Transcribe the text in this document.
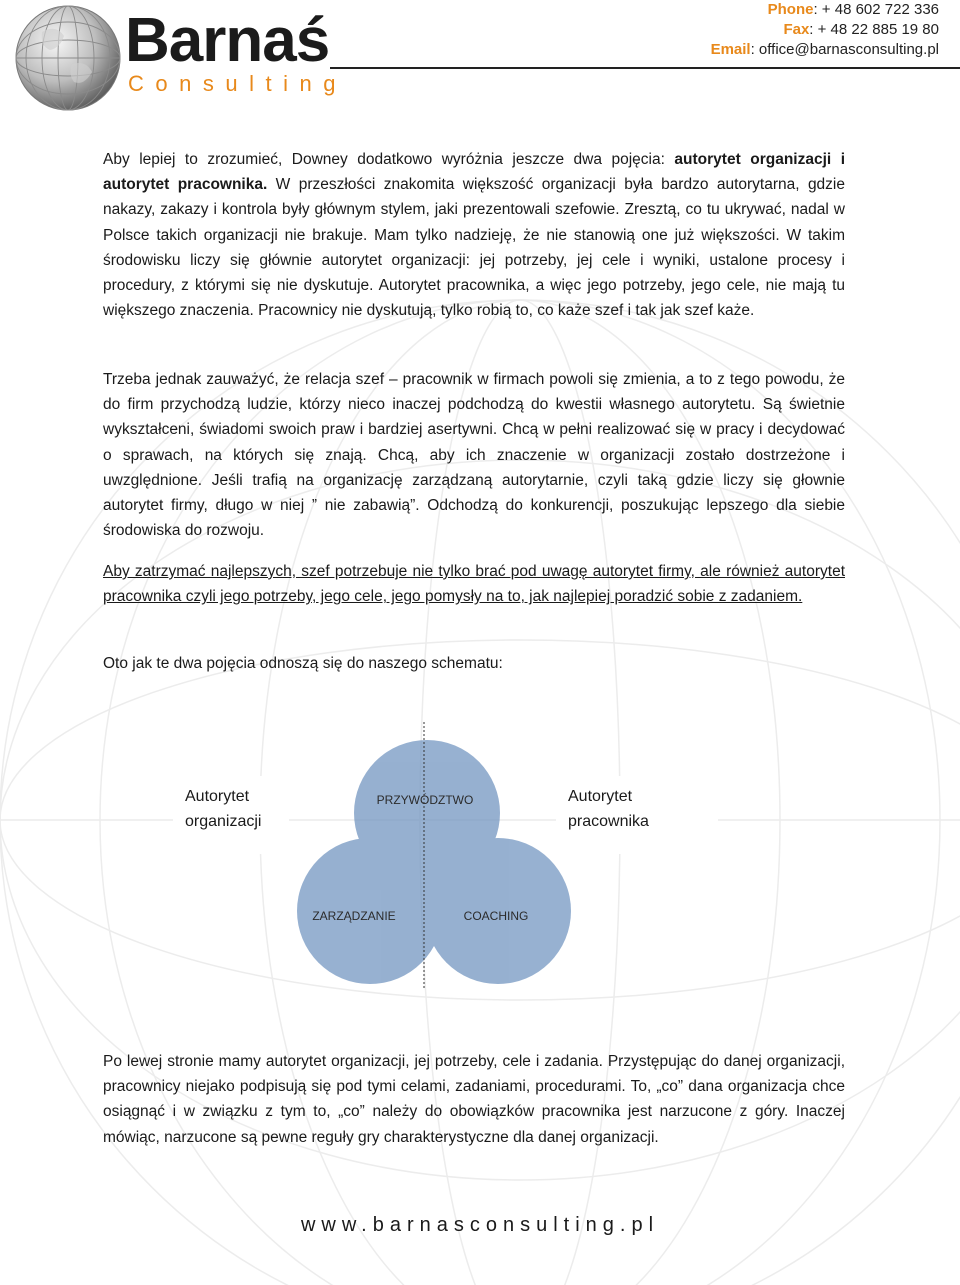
Barnaś
Consulting
Phone: + 48 602 722 336
Fax: + 48 22 885 19 80
Email: office@barnasconsulting.pl

Aby lepiej to zrozumieć, Downey dodatkowo wyróżnia jeszcze dwa pojęcia: autorytet organizacji i autorytet pracownika. W przeszłości znakomita większość organizacji była bardzo autorytarna, gdzie nakazy, zakazy i kontrola były głównym stylem, jaki prezentowali szefowie. Zresztą, co tu ukrywać, nadal w Polsce takich organizacji nie brakuje. Mam tylko nadzieję, że nie stanowią one już większości. W takim środowisku liczy się głównie autorytet organizacji: jej potrzeby, jej cele i wyniki, ustalone procesy i procedury, z którymi się nie dyskutuje. Autorytet pracownika, a więc jego potrzeby, jego cele, nie mają tu większego znaczenia. Pracownicy nie dyskutują, tylko robią to, co każe szef i tak jak szef każe.

Trzeba jednak zauważyć, że relacja szef – pracownik w firmach powoli się zmienia, a to z tego powodu, że do firm przychodzą ludzie, którzy nieco inaczej podchodzą do kwestii własnego autorytetu. Są świetnie wykształceni, świadomi swoich praw i bardziej asertywni. Chcą w pełni realizować się w pracy i decydować o sprawach, na których się znają. Chcą, aby ich znaczenie w organizacji zostało dostrzeżone i uwzględnione. Jeśli trafią na organizację zarządzaną autorytarnie, czyli taką gdzie liczy się głownie autorytet firmy, długo w niej ” nie zabawią”. Odchodzą do konkurencji, poszukując lepszego dla siebie środowiska do rozwoju.

Aby zatrzymać najlepszych, szef potrzebuje nie tylko brać pod uwagę autorytet firmy, ale również autorytet pracownika czyli jego potrzeby, jego cele, jego pomysły na to, jak najlepiej poradzić sobie z zadaniem.

Oto jak te dwa pojęcia odnoszą się do naszego schematu:

Po lewej stronie mamy autorytet organizacji, jej potrzeby, cele i zadania. Przystępując do danej organizacji, pracownicy niejako podpisują się pod tymi celami, zadaniami, procedurami. To, „co” dana organizacja chce osiągnąć i w związku z tym to, „co” należy do obowiązków pracownika jest narzucone z góry. Inaczej mówiąc, narzucone są pewne reguły gry charakterystyczne dla danej organizacji.

PRZYWÓDZTWO
ZARZĄDZANIE	COACHING
Autorytet organizacji
Autorytet pracownika
www.barnasconsulting.pl
